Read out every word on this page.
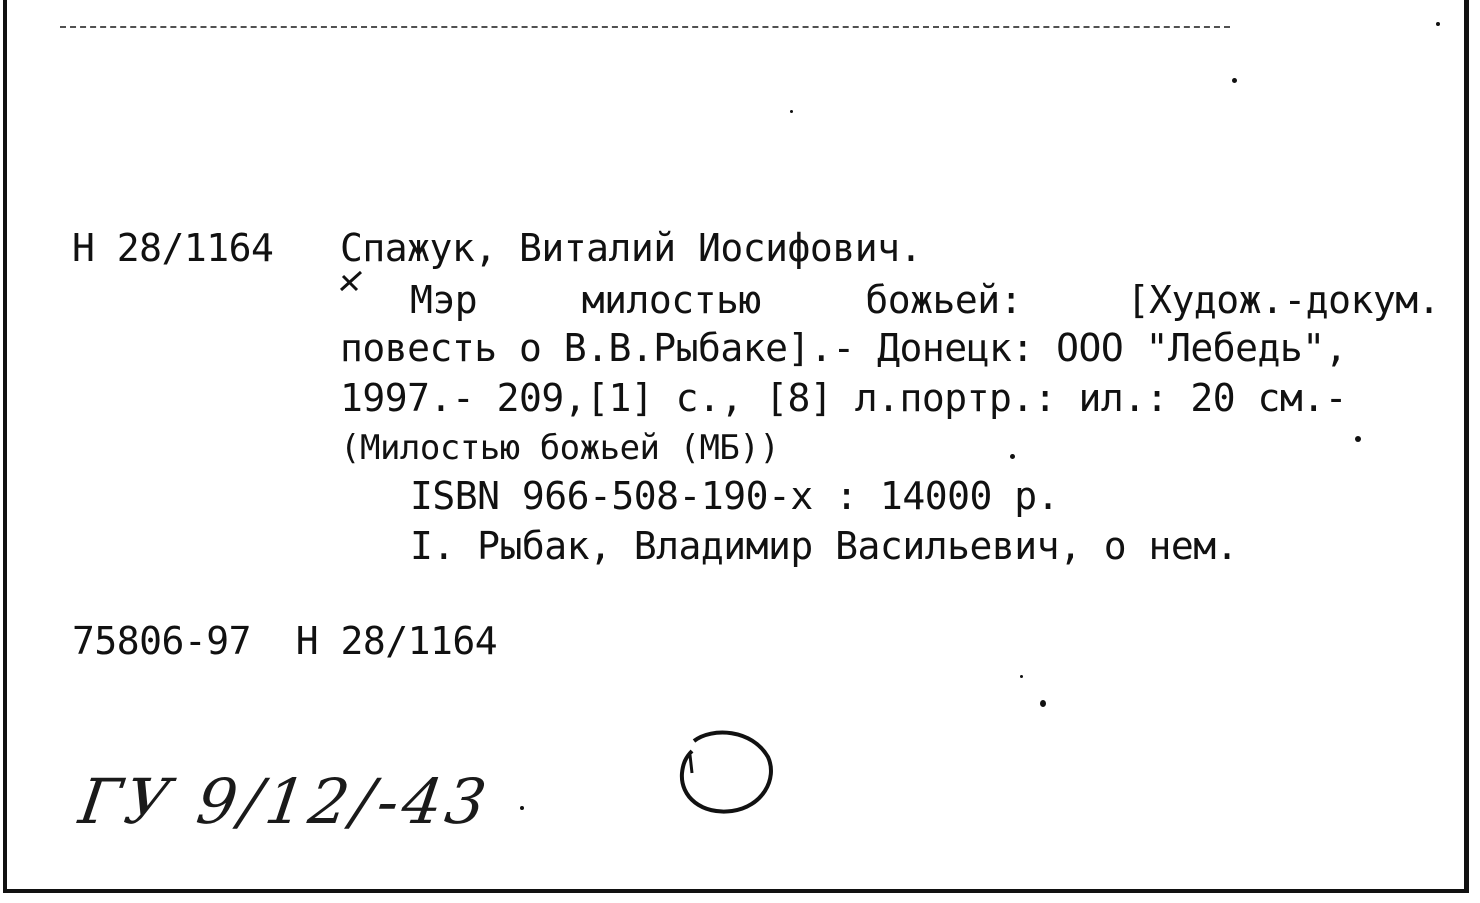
Н 28/1164 Спажук, Виталий Иосифович.
Мэр	милостью	божьей:	[Худож.-докум.
повесть о В.В.Рыбаке].- Донецк: ООО "Лебедь",
1997.- 209,[1] с., [8] л.портр.: ил.: 20 см.-
(Милостью божьей (МБ))
ISBN 966-508-190-x : 14000 р.
I. Рыбак, Владимир Васильевич, о нем.
75806-97  Н 28/1164
ГУ 9/12/-43
